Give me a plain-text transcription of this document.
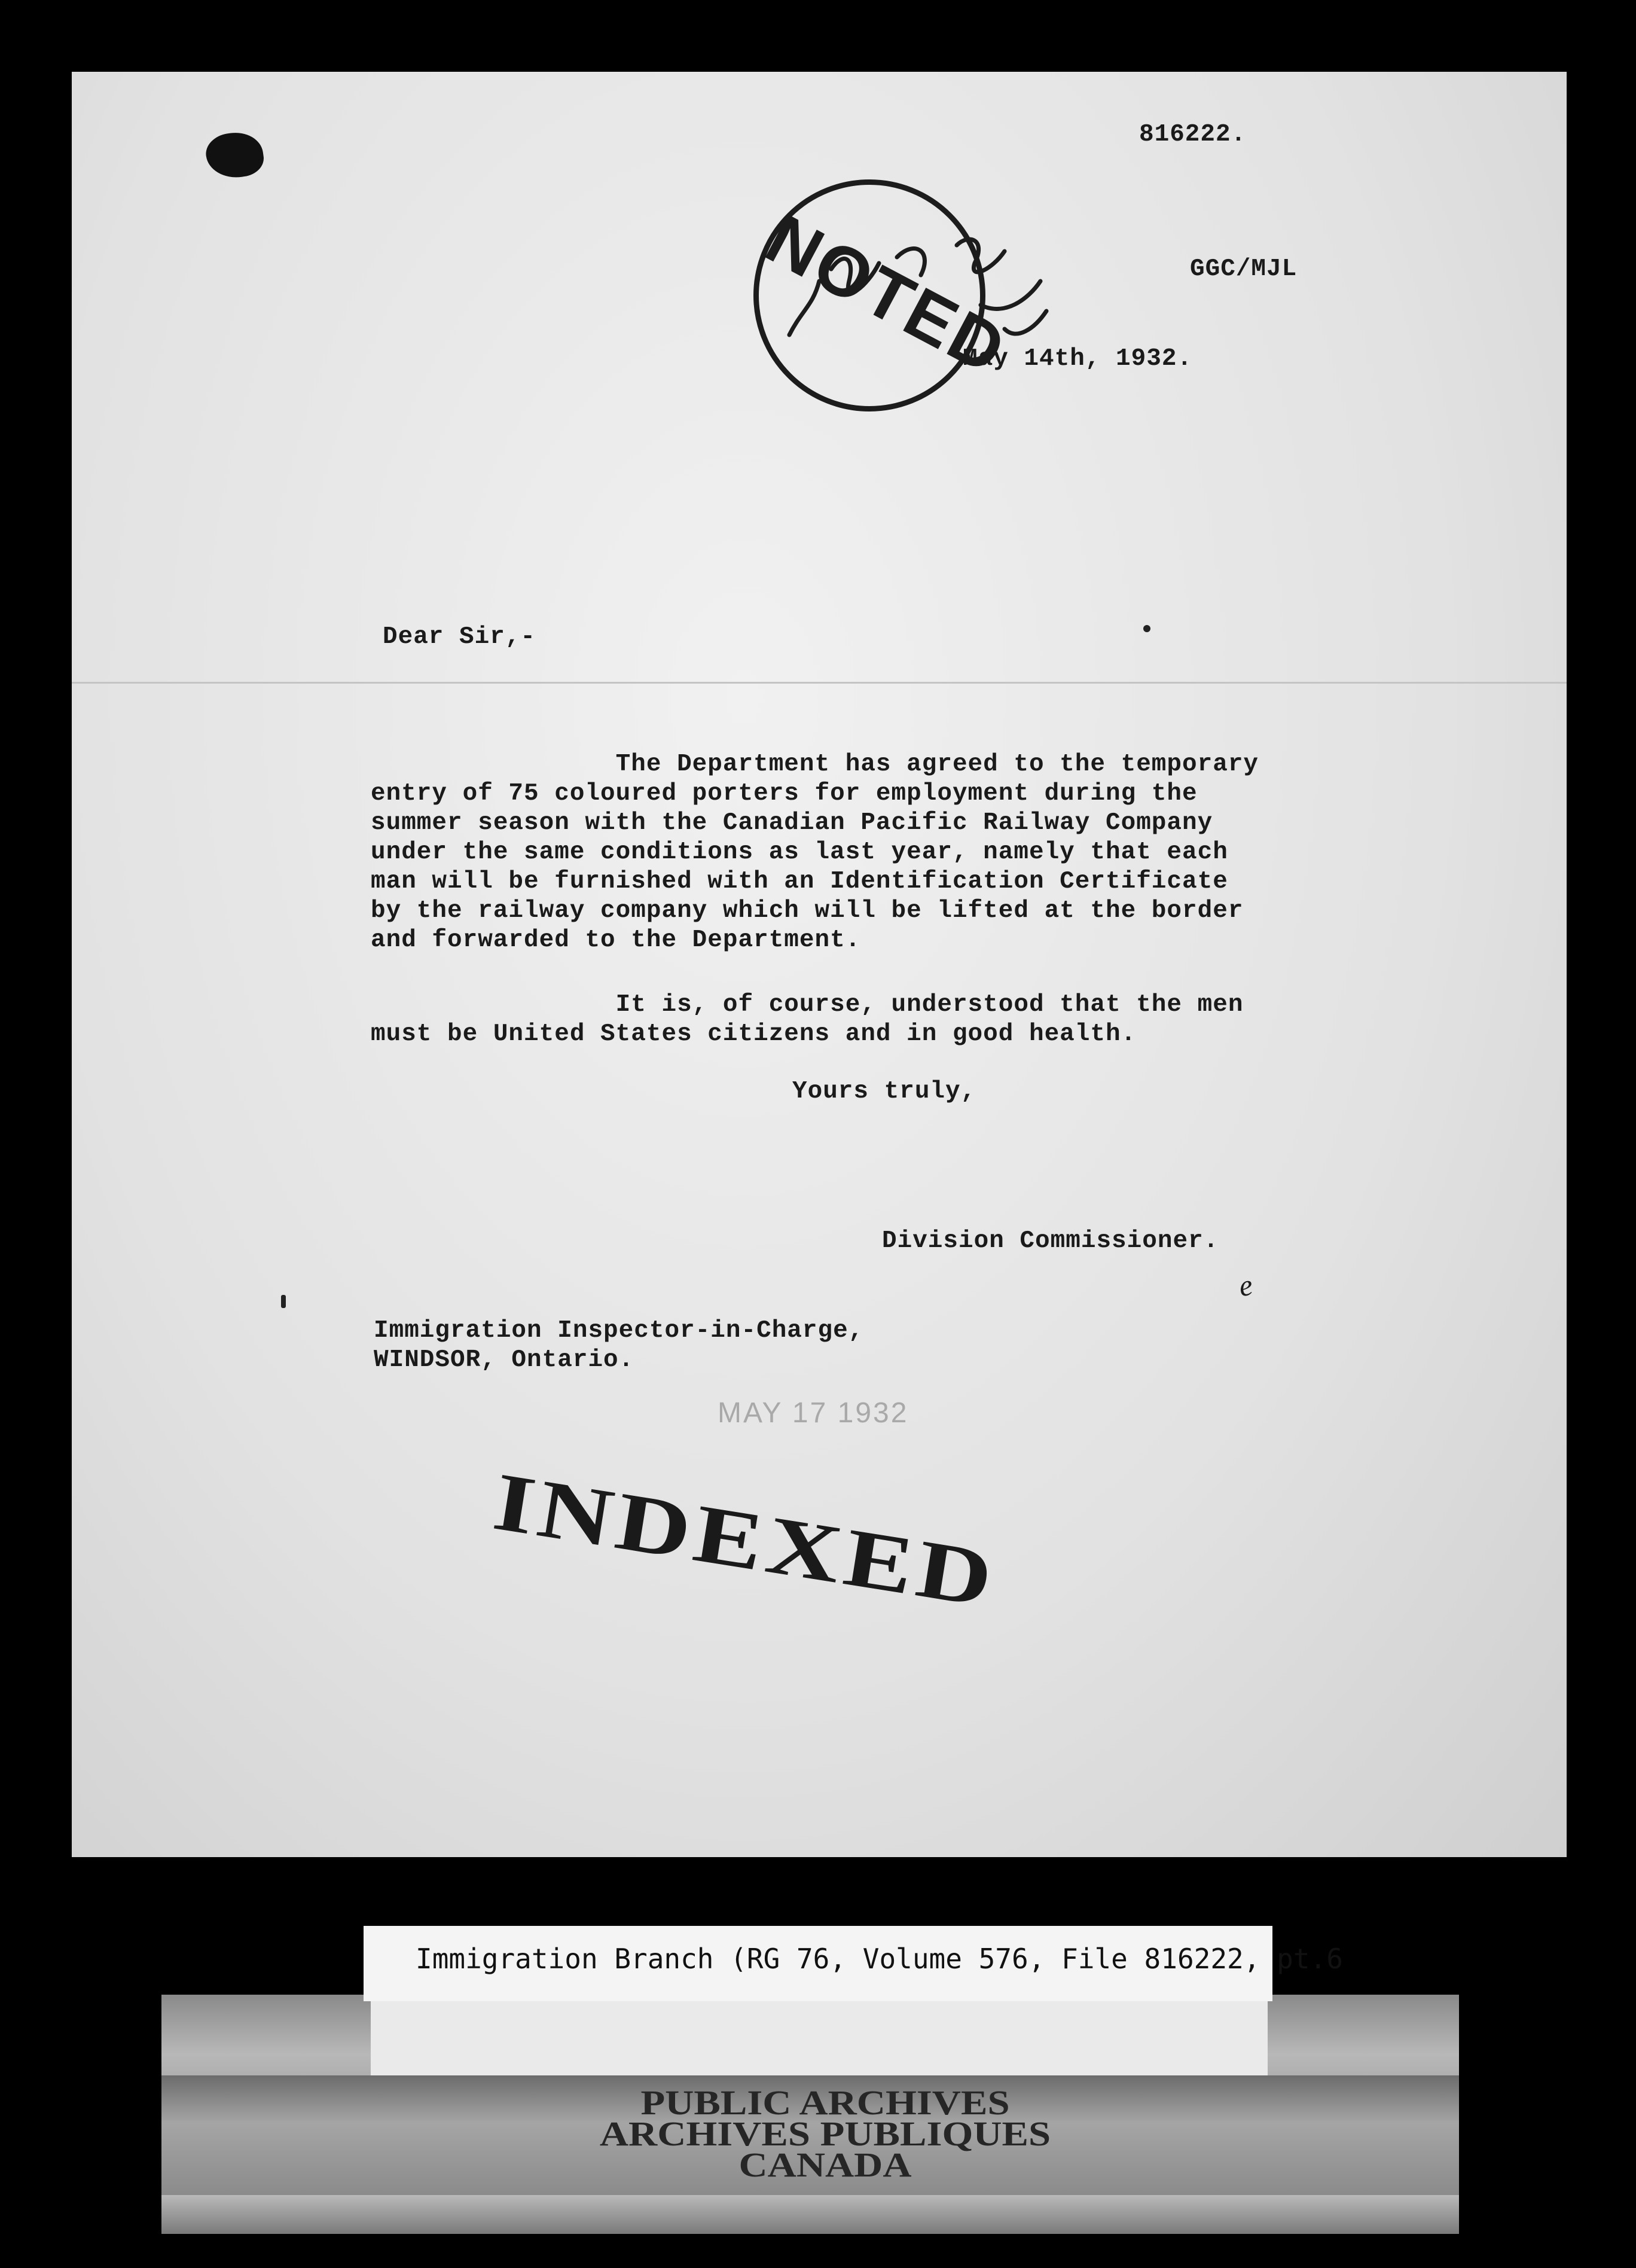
816222.
GGC/MJL
May 14th, 1932.
NOTED
Dear Sir,-
The Department has agreed to the temporary
entry of 75 coloured porters for employment during the
summer season with the Canadian Pacific Railway Company
under the same conditions as last year, namely that each
man will be furnished with an Identification Certificate
by the railway company which will be lifted at the border
and forwarded to the Department.
It is, of course, understood that the men
must be United States citizens and in good health.
Yours truly,
Division Commissioner.
e
Immigration Inspector-in-Charge,
WINDSOR, Ontario.
MAY 17 1932
INDEXED
Immigration Branch (RG 76, Volume 576, File 816222, pt.6
PUBLIC ARCHIVES
ARCHIVES PUBLIQUES
CANADA
